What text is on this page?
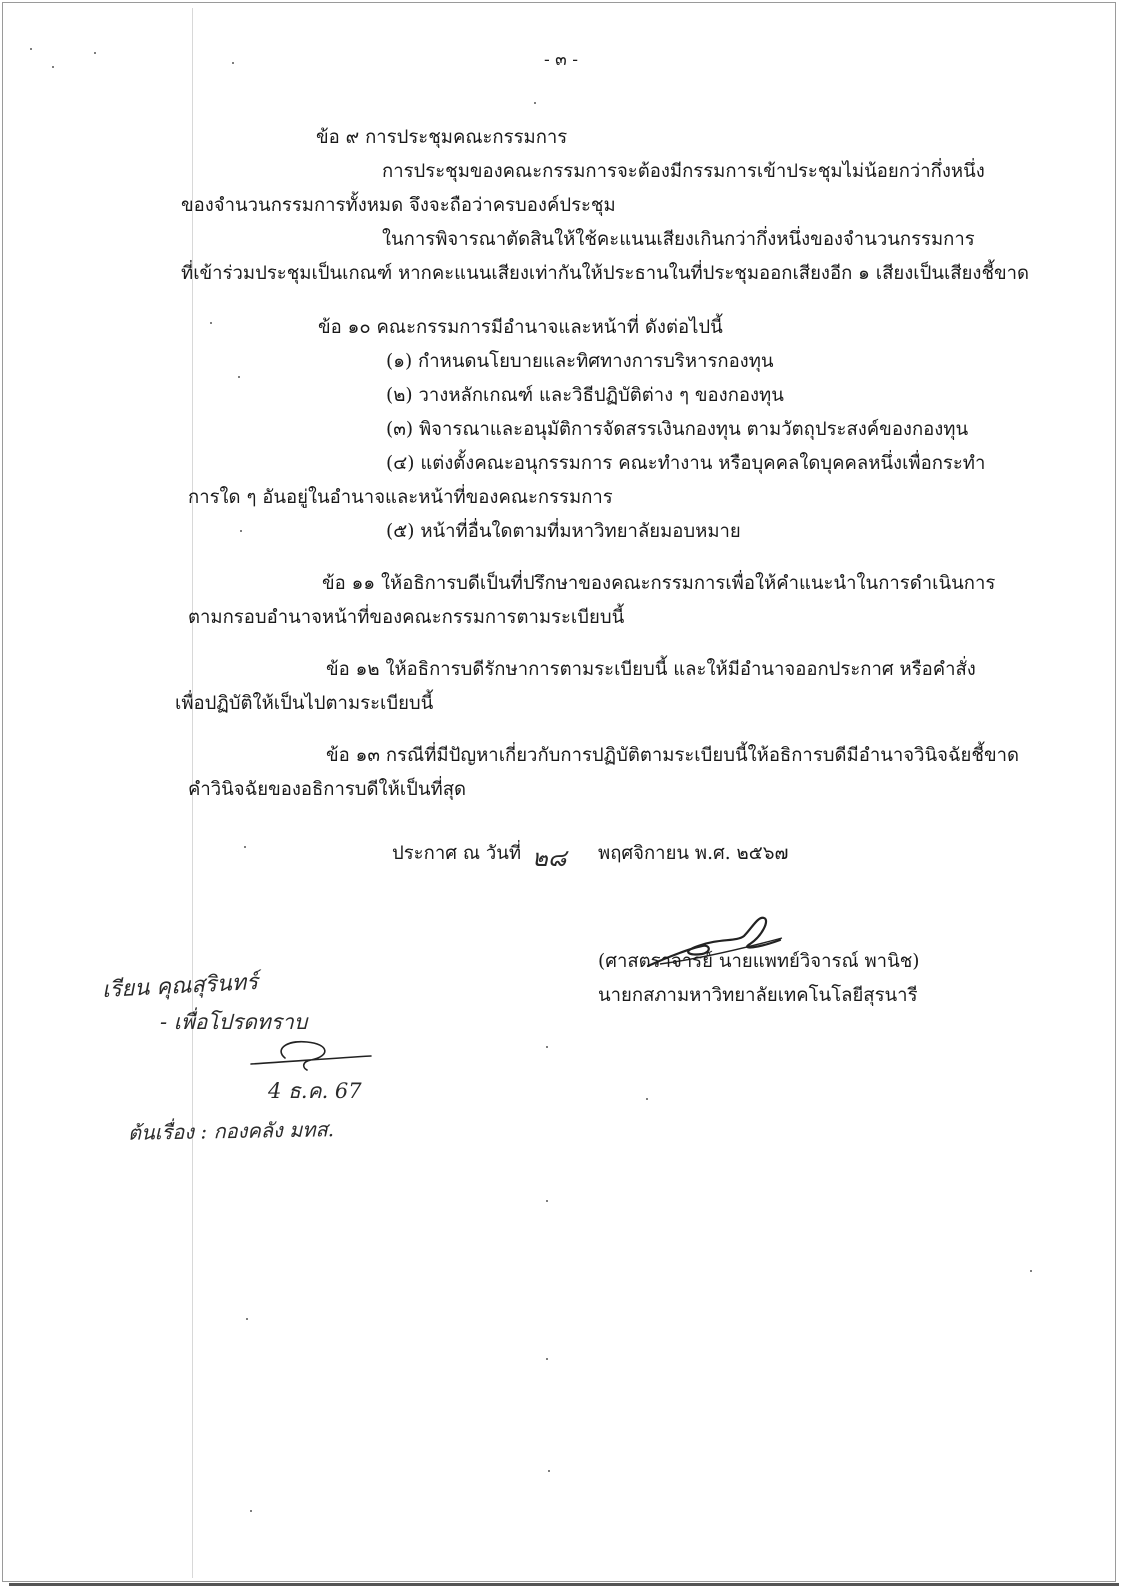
- ๓ -
ข้อ ๙ การประชุมคณะกรรมการ
การประชุมของคณะกรรมการจะต้องมีกรรมการเข้าประชุมไม่น้อยกว่ากึ่งหนึ่ง
ของจำนวนกรรมการทั้งหมด จึงจะถือว่าครบองค์ประชุม
ในการพิจารณาตัดสินให้ใช้คะแนนเสียงเกินกว่ากึ่งหนึ่งของจำนวนกรรมการ
ที่เข้าร่วมประชุมเป็นเกณฑ์ หากคะแนนเสียงเท่ากันให้ประธานในที่ประชุมออกเสียงอีก ๑ เสียงเป็นเสียงชี้ขาด
ข้อ ๑๐ คณะกรรมการมีอำนาจและหน้าที่ ดังต่อไปนี้
(๑) กำหนดนโยบายและทิศทางการบริหารกองทุน
(๒) วางหลักเกณฑ์ และวิธีปฏิบัติต่าง ๆ ของกองทุน
(๓) พิจารณาและอนุมัติการจัดสรรเงินกองทุน ตามวัตถุประสงค์ของกองทุน
(๔) แต่งตั้งคณะอนุกรรมการ คณะทำงาน หรือบุคคลใดบุคคลหนึ่งเพื่อกระทำ
การใด ๆ อันอยู่ในอำนาจและหน้าที่ของคณะกรรมการ
(๕) หน้าที่อื่นใดตามที่มหาวิทยาลัยมอบหมาย
ข้อ ๑๑ ให้อธิการบดีเป็นที่ปรึกษาของคณะกรรมการเพื่อให้คำแนะนำในการดำเนินการ
ตามกรอบอำนาจหน้าที่ของคณะกรรมการตามระเบียบนี้
ข้อ ๑๒ ให้อธิการบดีรักษาการตามระเบียบนี้ และให้มีอำนาจออกประกาศ หรือคำสั่ง
เพื่อปฏิบัติให้เป็นไปตามระเบียบนี้
ข้อ ๑๓ กรณีที่มีปัญหาเกี่ยวกับการปฏิบัติตามระเบียบนี้ให้อธิการบดีมีอำนาจวินิจฉัยชี้ขาด
คำวินิจฉัยของอธิการบดีให้เป็นที่สุด
ประกาศ ณ วันที่ ๒๘ พฤศจิกายน พ.ศ. ๒๕๖๗
(ศาสตราจารย์ นายแพทย์วิจารณ์ พานิช)
นายกสภามหาวิทยาลัยเทคโนโลยีสุรนารี
เรียน คุณสุรินทร์
- เพื่อโปรดทราบ
4 ธ.ค. 67
ต้นเรื่อง : กองคลัง มทส.
